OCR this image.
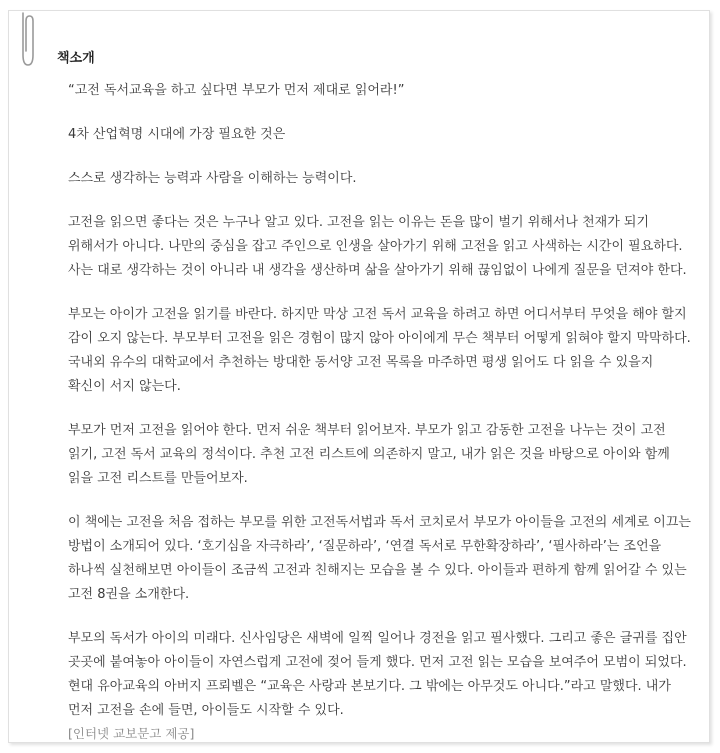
책소개

“고전 독서교육을 하고 싶다면 부모가 먼저 제대로 읽어라!”

4차 산업혁명 시대에 가장 필요한 것은

스스로 생각하는 능력과 사람을 이해하는 능력이다.

고전을 읽으면 좋다는 것은 누구나 알고 있다. 고전을 읽는 이유는 돈을 많이 벌기 위해서나 천재가 되기 위해서가 아니다. 나만의 중심을 잡고 주인으로 인생을 살아가기 위해 고전을 읽고 사색하는 시간이 필요하다. 사는 대로 생각하는 것이 아니라 내 생각을 생산하며 삶을 살아가기 위해 끊임없이 나에게 질문을 던져야 한다.

부모는 아이가 고전을 읽기를 바란다. 하지만 막상 고전 독서 교육을 하려고 하면 어디서부터 무엇을 해야 할지 감이 오지 않는다. 부모부터 고전을 읽은 경험이 많지 않아 아이에게 무슨 책부터 어떻게 읽혀야 할지 막막하다. 국내외 유수의 대학교에서 추천하는 방대한 동서양 고전 목록을 마주하면 평생 읽어도 다 읽을 수 있을지 확신이 서지 않는다.

부모가 먼저 고전을 읽어야 한다. 먼저 쉬운 책부터 읽어보자. 부모가 읽고 감동한 고전을 나누는 것이 고전 읽기, 고전 독서 교육의 정석이다. 추천 고전 리스트에 의존하지 말고, 내가 읽은 것을 바탕으로 아이와 함께 읽을 고전 리스트를 만들어보자.

이 책에는 고전을 처음 접하는 부모를 위한 고전독서법과 독서 코치로서 부모가 아이들을 고전의 세계로 이끄는 방법이 소개되어 있다. ‘호기심을 자극하라’, ‘질문하라’, ‘연결 독서로 무한확장하라’, ‘필사하라’는 조언을 하나씩 실천해보면 아이들이 조금씩 고전과 친해지는 모습을 볼 수 있다. 아이들과 편하게 함께 읽어갈 수 있는 고전 8권을 소개한다.

부모의 독서가 아이의 미래다. 신사임당은 새벽에 일찍 일어나 경전을 읽고 필사했다. 그리고 좋은 글귀를 집안 곳곳에 붙여놓아 아이들이 자연스럽게 고전에 젖어 들게 했다. 먼저 고전 읽는 모습을 보여주어 모범이 되었다. 현대 유아교육의 아버지 프뢰벨은 “교육은 사랑과 본보기다. 그 밖에는 아무것도 아니다.”라고 말했다. 내가 먼저 고전을 손에 들면, 아이들도 시작할 수 있다.

[인터넷 교보문고 제공]
